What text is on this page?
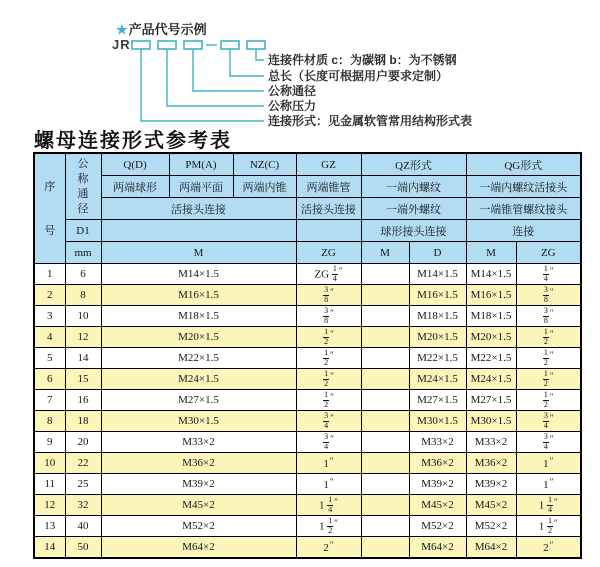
★产品代号示例
JR
连接件材质 c：为碳钢 b：为不锈钢
总长（长度可根据用户要求定制）
公称通径
公称压力
连接形式：见金属软管常用结构形式表
螺母连接形式参考表
序号	公称通径	Q(D)	PM(A)	NZ(C)	GZ	QZ形式		QG形式	
		两端球形	两端平面	两端内锥	两端锥管	一端内螺纹		一端内螺纹活接头	
		活接头连接			活接头连接	一端外螺纹		一端锥管螺纹接头	
	D1					球形接头连接		连接	
	mm	M			ZG	M	D	M	ZG
1	6	M14×1.5			ZG $\frac{1}{4} ''$		M14×1.5	M14×1.5	$\frac{1}{4} ''$
2	8	M16×1.5			$\frac{3}{8} ''$		M16×1.5	M16×1.5	$\frac{3}{8} ''$
3	10	M18×1.5			$\frac{3}{8} ''$		M18×1.5	M18×1.5	$\frac{3}{8} ''$
4	12	M20×1.5			$\frac{1}{2} ''$		M20×1.5	M20×1.5	$\frac{1}{2} ''$
5	14	M22×1.5			$\frac{1}{2} ''$		M22×1.5	M22×1.5	$\frac{1}{2} ''$
6	15	M24×1.5			$\frac{1}{2} ''$		M24×1.5	M24×1.5	$\frac{1}{2} ''$
7	16	M27×1.5			$\frac{1}{2} ''$		M27×1.5	M27×1.5	$\frac{1}{2} ''$
8	18	M30×1.5			$\frac{3}{4} ''$		M30×1.5	M30×1.5	$\frac{3}{4} ''$
9	20	M33×2			$\frac{3}{4} ''$		M33×2	M33×2	$\frac{3}{4} ''$
10	22	M36×2			1″		M36×2	M36×2	1″
11	25	M39×2			1″		M39×2	M39×2	1″
12	32	M45×2			$1 \frac{1}{4} ''$		M45×2	M45×2	$1 \frac{1}{4} ''$
13	40	M52×2			$1 \frac{1}{2} ''$		M52×2	M52×2	$1 \frac{1}{2} ''$
14	50	M64×2			2″		M64×2	M64×2	2″
